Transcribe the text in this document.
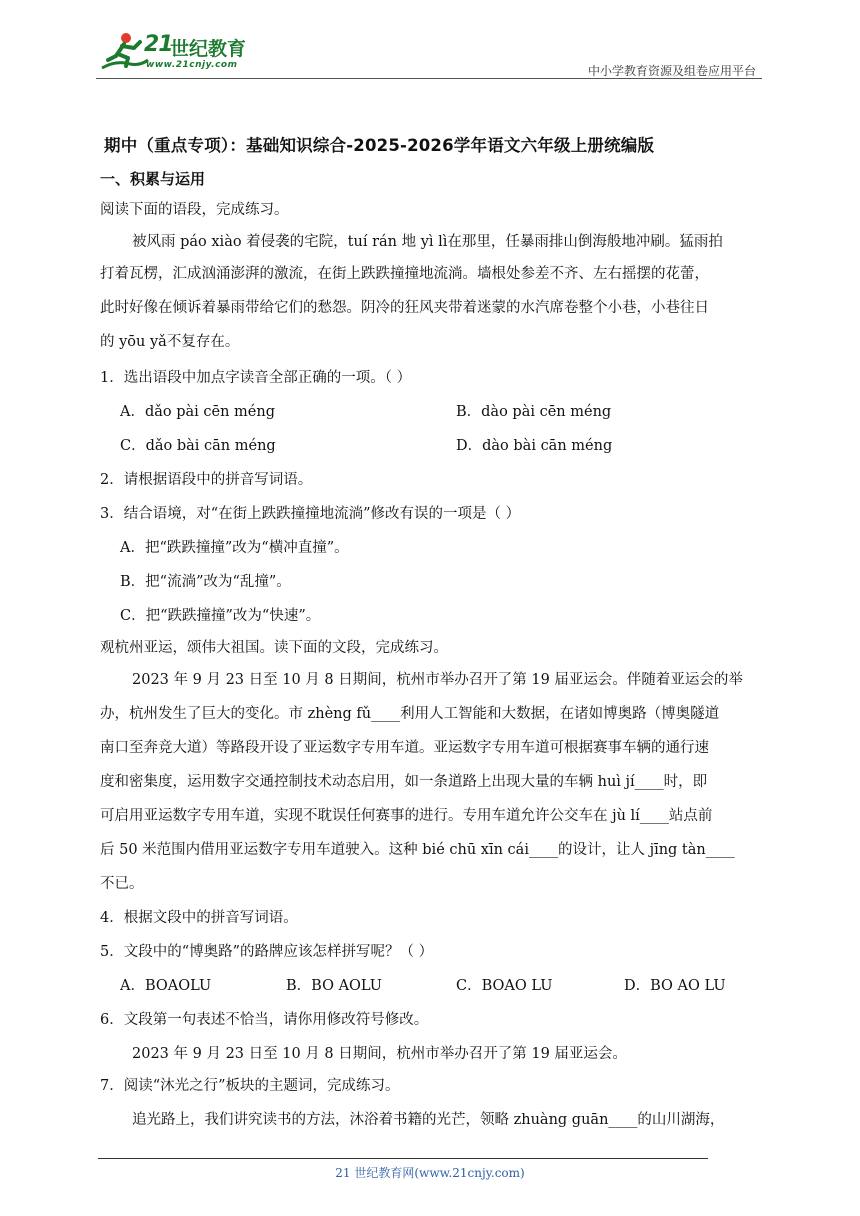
21
世纪教育
www.21cnjy.com	中小学教育资源及组卷应用平台
期中（重点专项）：基础知识综合-2025-2026学年语文六年级上册统编版
一、积累与运用
阅读下面的语段，完成练习。
被风雨 páo xiào 着侵袭的宅院，tuí rán 地 yì lì在那里，任暴雨排山倒海般地冲刷。猛雨拍
打着瓦楞，汇成汹涌澎湃的激流，在街上跌跌撞撞地流淌。墙根处参差不齐、左右摇摆的花蕾，
此时好像在倾诉着暴雨带给它们的愁怨。阴冷的狂风夹带着迷蒙的水汽席卷整个小巷，小巷往日
的 yōu yǎ不复存在。
1．选出语段中加点字读音全部正确的一项。（ ）
A．dǎo pài cēn méng	B．dào pài cēn méng
C．dǎo bài cān méng	D．dào bài cān méng
2．请根据语段中的拼音写词语。
3．结合语境，对“在街上跌跌撞撞地流淌”修改有误的一项是（ ）
A．把“跌跌撞撞”改为“横冲直撞”。
B．把“流淌”改为“乱撞”。
C．把“跌跌撞撞”改为“快速”。
观杭州亚运，颂伟大祖国。读下面的文段，完成练习。
2023 年 9 月 23 日至 10 月 8 日期间，杭州市举办召开了第 19 届亚运会。伴随着亚运会的举
办，杭州发生了巨大的变化。市 zhèng fǔ____利用人工智能和大数据，在诸如博奥路（博奥隧道
南口至奔竞大道）等路段开设了亚运数字专用车道。亚运数字专用车道可根据赛事车辆的通行速
度和密集度，运用数字交通控制技术动态启用，如一条道路上出现大量的车辆 huì jí____时，即
可启用亚运数字专用车道，实现不耽误任何赛事的进行。专用车道允许公交车在 jù lí____站点前
后 50 米范围内借用亚运数字专用车道驶入。这种 bié chū xīn cái____的设计，让人 jīng tàn____
不已。
4．根据文段中的拼音写词语。
5．文段中的“博奥路”的路牌应该怎样拼写呢？（ ）
A．BOAOLU	B．BO AOLU	C．BOAO LU	D．BO AO LU
6．文段第一句表述不恰当，请你用修改符号修改。
2023 年 9 月 23 日至 10 月 8 日期间，杭州市举办召开了第 19 届亚运会。
7．阅读“沐光之行”板块的主题词，完成练习。
追光路上，我们讲究读书的方法，沐浴着书籍的光芒，领略 zhuàng guān____的山川湖海，
21 世纪教育网(www.21cnjy.com)
